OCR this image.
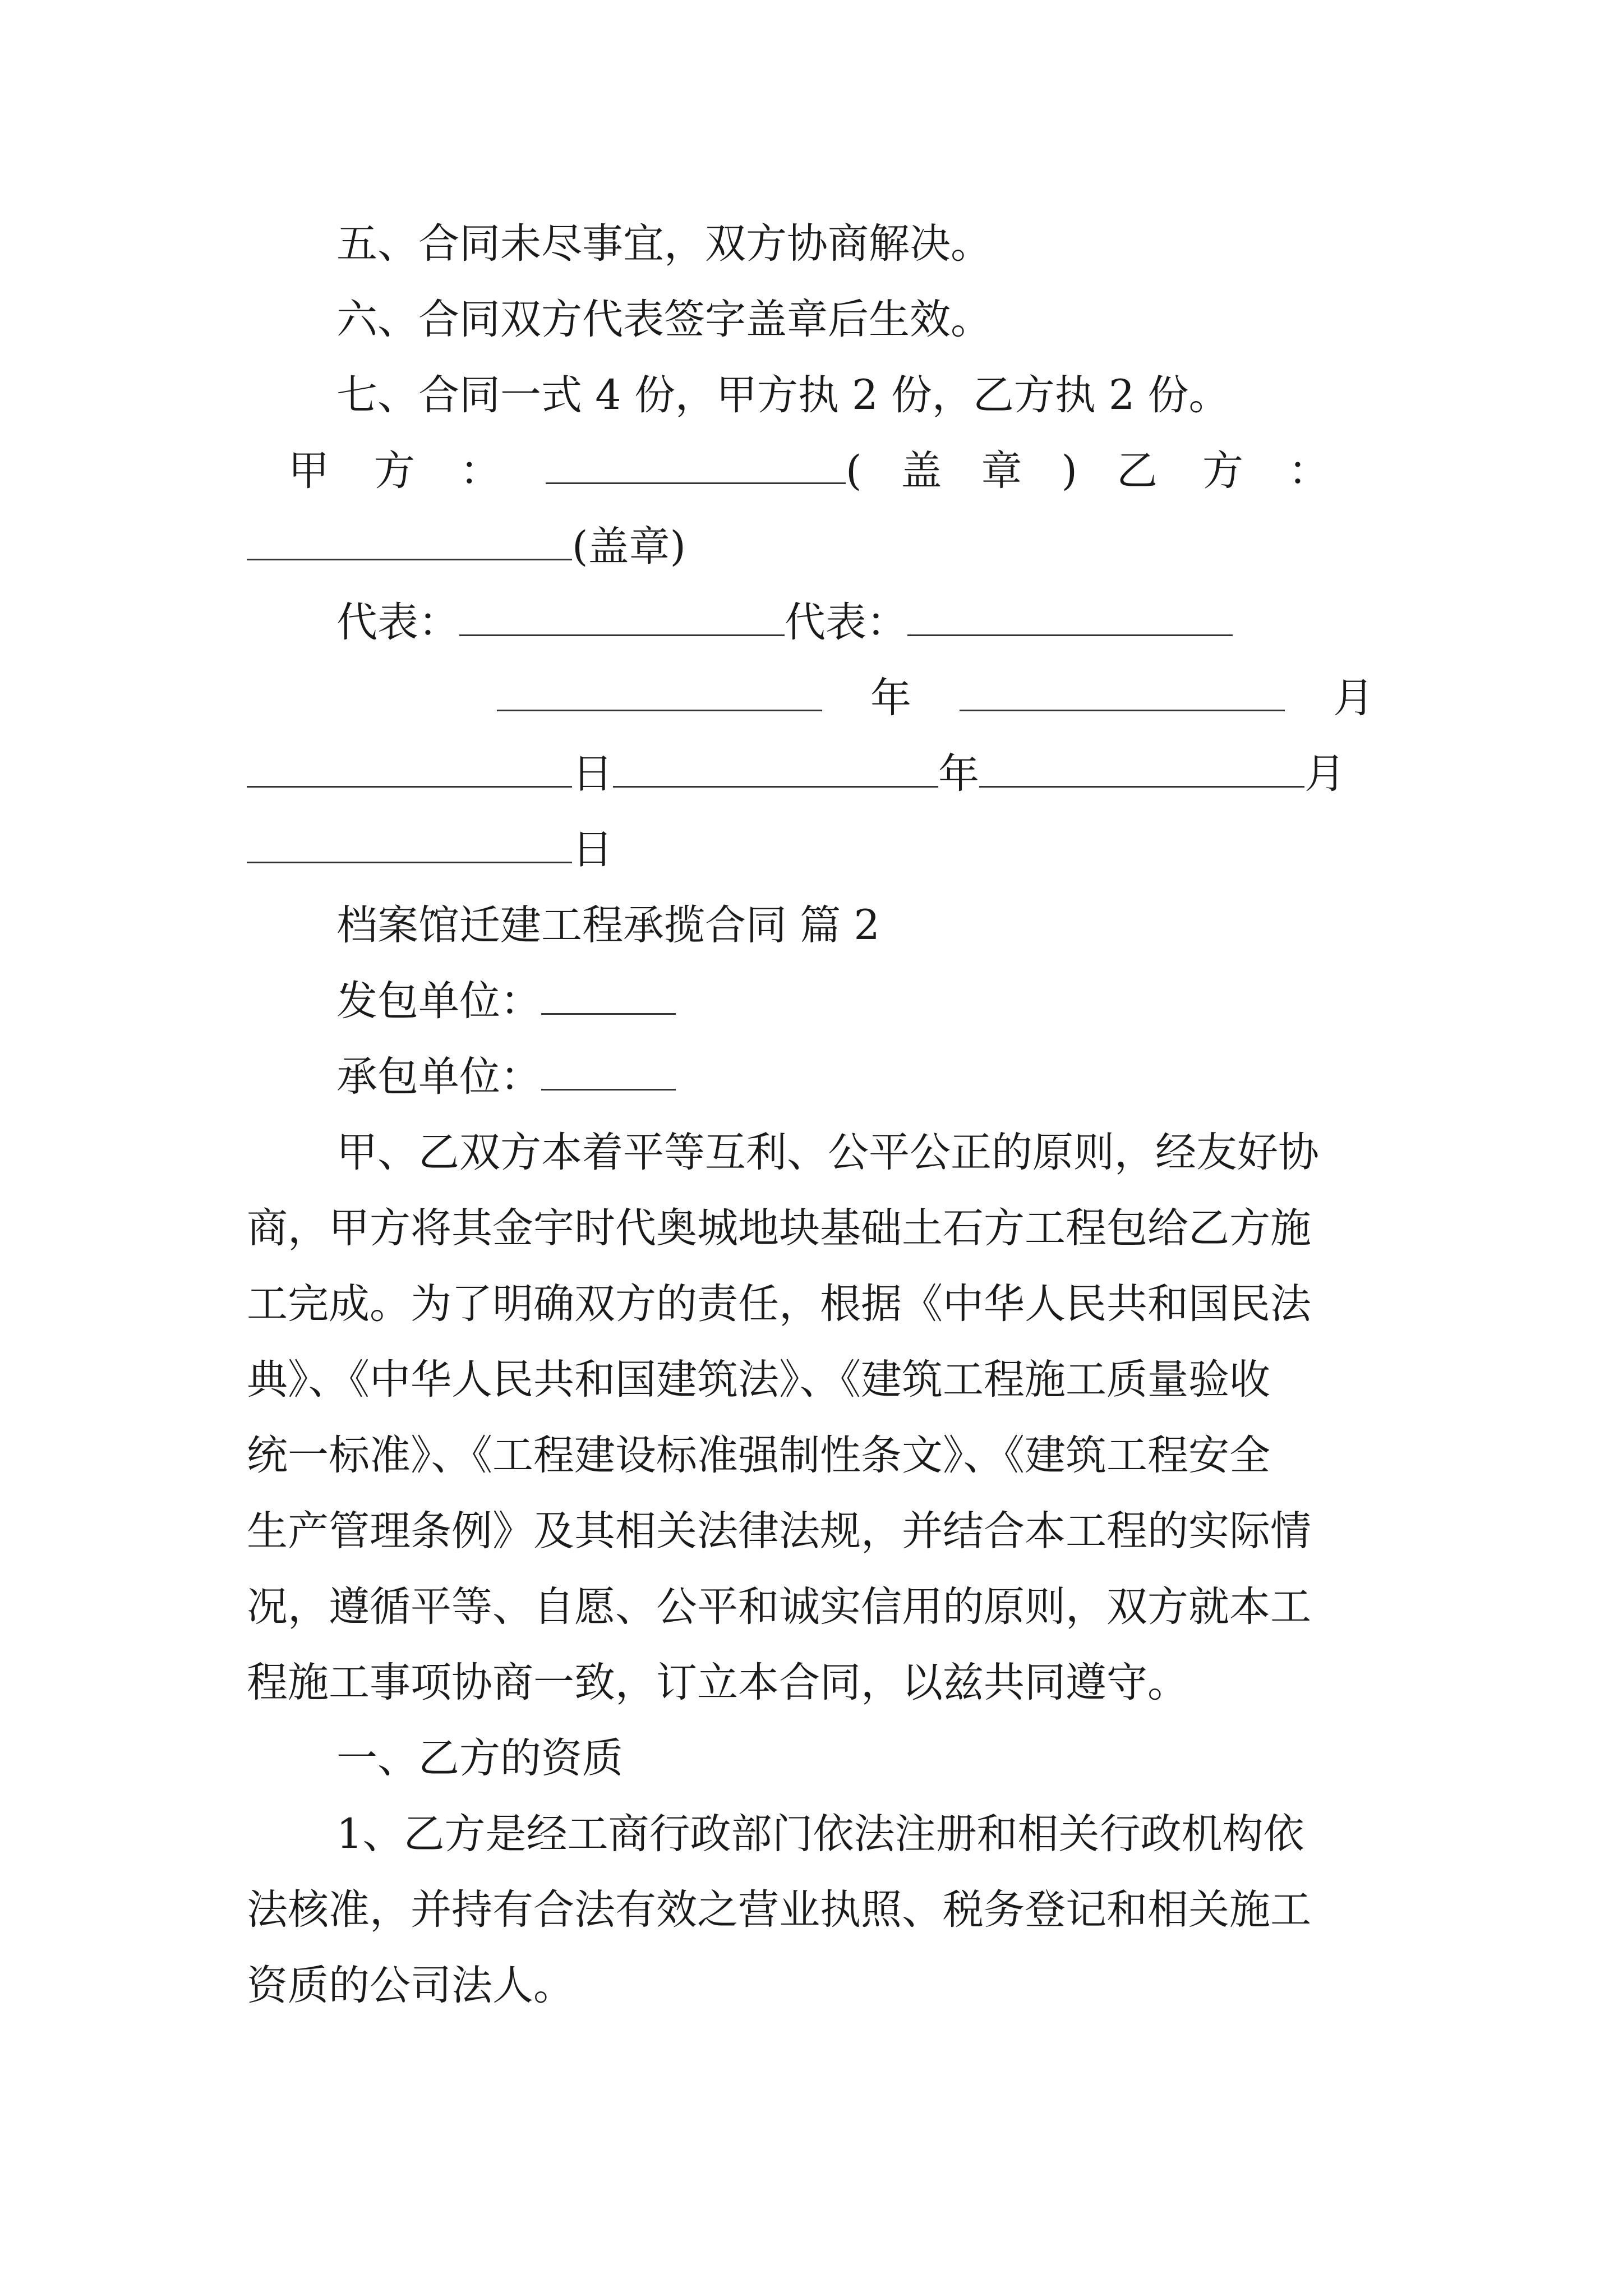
五、合同未尽事宜，双方协商解决。
六、合同双方代表签字盖章后生效。
七、合同一式 4 份，甲方执 2 份，乙方执 2 份。
甲方：	(盖章) 乙方：
(盖章)
代表：	代表：
年	月
日	年	月
日
档案馆迁建工程承揽合同 篇 2
发包单位：
承包单位：
甲、乙双方本着平等互利、公平公正的原则，经友好协
商，甲方将其金宇时代奥城地块基础土石方工程包给乙方施
工完成。为了明确双方的责任，根据《中华人民共和国民法
典》、《中华人民共和国建筑法》、《建筑工程施工质量验收
统一标准》、《工程建设标准强制性条文》、《建筑工程安全
生产管理条例》及其相关法律法规，并结合本工程的实际情
况，遵循平等、自愿、公平和诚实信用的原则，双方就本工
程施工事项协商一致，订立本合同，以兹共同遵守。
一、乙方的资质
1、乙方是经工商行政部门依法注册和相关行政机构依
法核准，并持有合法有效之营业执照、税务登记和相关施工
资质的公司法人。
